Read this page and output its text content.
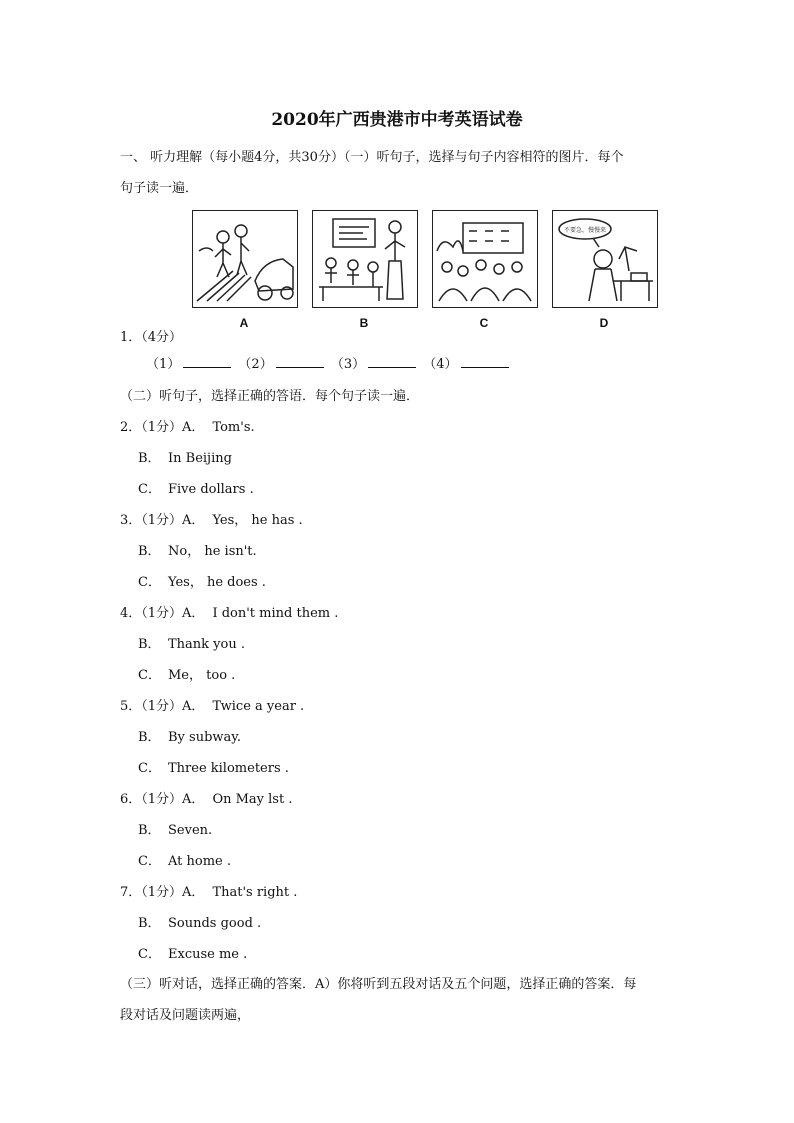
2020年广西贵港市中考英语试卷
一、 听力理解（每小题4分，共30分）（一）听句子，选择与句子内容相符的图片．每个
句子读一遍．
A	B	C
不要急，慢慢来
D
1．（4分）
（1）	（2）	（3）	（4）
（二）听句子，选择正确的答语．每个句子读一遍．
2．（1分）A． Tom's.
B． In Beijing
C． Five dollars .
3．（1分）A． Yes， he has .
B． No， he isn't.
C． Yes， he does .
4．（1分）A． I don't mind them .
B． Thank you .
C． Me， too .
5．（1分）A． Twice a year .
B． By subway.
C． Three kilometers .
6．（1分）A． On May lst .
B． Seven.
C． At home .
7．（1分）A． That's right .
B． Sounds good .
C． Excuse me .
（三）听对话，选择正确的答案．A）你将听到五段对话及五个问题，选择正确的答案．每
段对话及问题读两遍，
